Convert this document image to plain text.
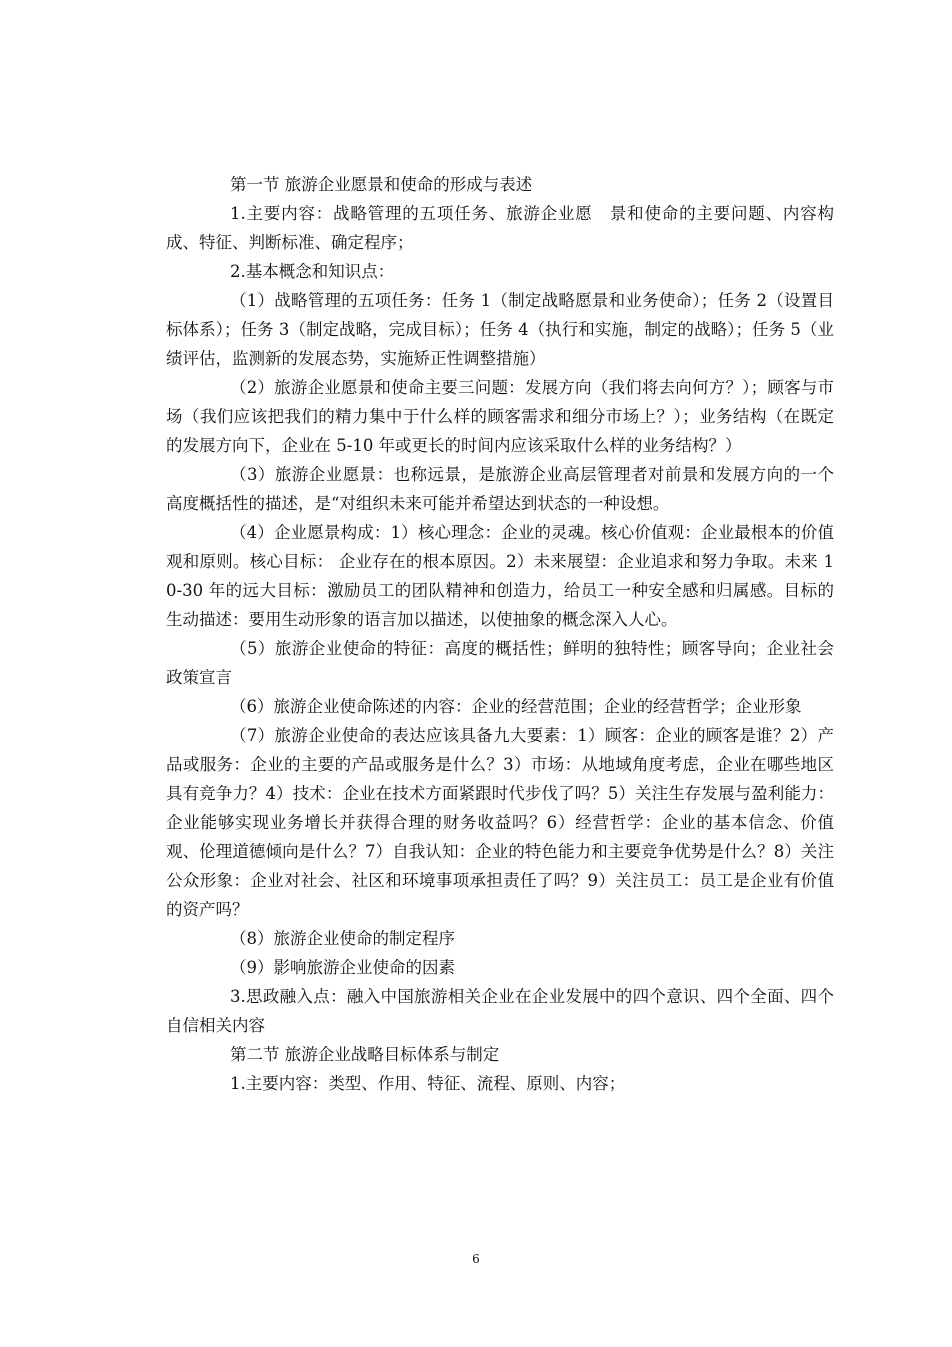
第一节 旅游企业愿景和使命的形成与表述

1.主要内容：战略管理的五项任务、旅游企业愿　景和使命的主要问题、内容构成、特征、判断标准、确定程序；

2.基本概念和知识点：

（1）战略管理的五项任务：任务 1（制定战略愿景和业务使命）；任务 2（设置目标体系）；任务 3（制定战略，完成目标）；任务 4（执行和实施，制定的战略）；任务 5（业绩评估，监测新的发展态势，实施矫正性调整措施）

（2）旅游企业愿景和使命主要三问题：发展方向（我们将去向何方？）；顾客与市场（我们应该把我们的精力集中于什么样的顾客需求和细分市场上？）；业务结构（在既定的发展方向下，企业在 5-10 年或更长的时间内应该采取什么样的业务结构？）

（3）旅游企业愿景：也称远景，是旅游企业高层管理者对前景和发展方向的一个高度概括性的描述，是“对组织未来可能并希望达到状态的一种设想。

（4）企业愿景构成：1）核心理念：企业的灵魂。核心价值观：企业最根本的价值观和原则。核心目标： 企业存在的根本原因。2）未来展望：企业追求和努力争取。未来 10-30 年的远大目标：激励员工的团队精神和创造力，给员工一种安全感和归属感。目标的生动描述：要用生动形象的语言加以描述，以使抽象的概念深入人心。

（5）旅游企业使命的特征：高度的概括性；鲜明的独特性；顾客导向；企业社会政策宣言

（6）旅游企业使命陈述的内容：企业的经营范围；企业的经营哲学；企业形象

（7）旅游企业使命的表达应该具备九大要素：1）顾客：企业的顾客是谁？2）产品或服务：企业的主要的产品或服务是什么？3）市场：从地域角度考虑，企业在哪些地区具有竞争力？4）技术：企业在技术方面紧跟时代步伐了吗？5）关注生存发展与盈利能力：企业能够实现业务增长并获得合理的财务收益吗？6）经营哲学：企业的基本信念、价值观、伦理道德倾向是什么？7）自我认知：企业的特色能力和主要竞争优势是什么？8）关注公众形象：企业对社会、社区和环境事项承担责任了吗？9）关注员工：员工是企业有价值的资产吗？

（8）旅游企业使命的制定程序

（9）影响旅游企业使命的因素

3.思政融入点：融入中国旅游相关企业在企业发展中的四个意识、四个全面、四个自信相关内容

第二节 旅游企业战略目标体系与制定

1.主要内容：类型、作用、特征、流程、原则、内容；

6
